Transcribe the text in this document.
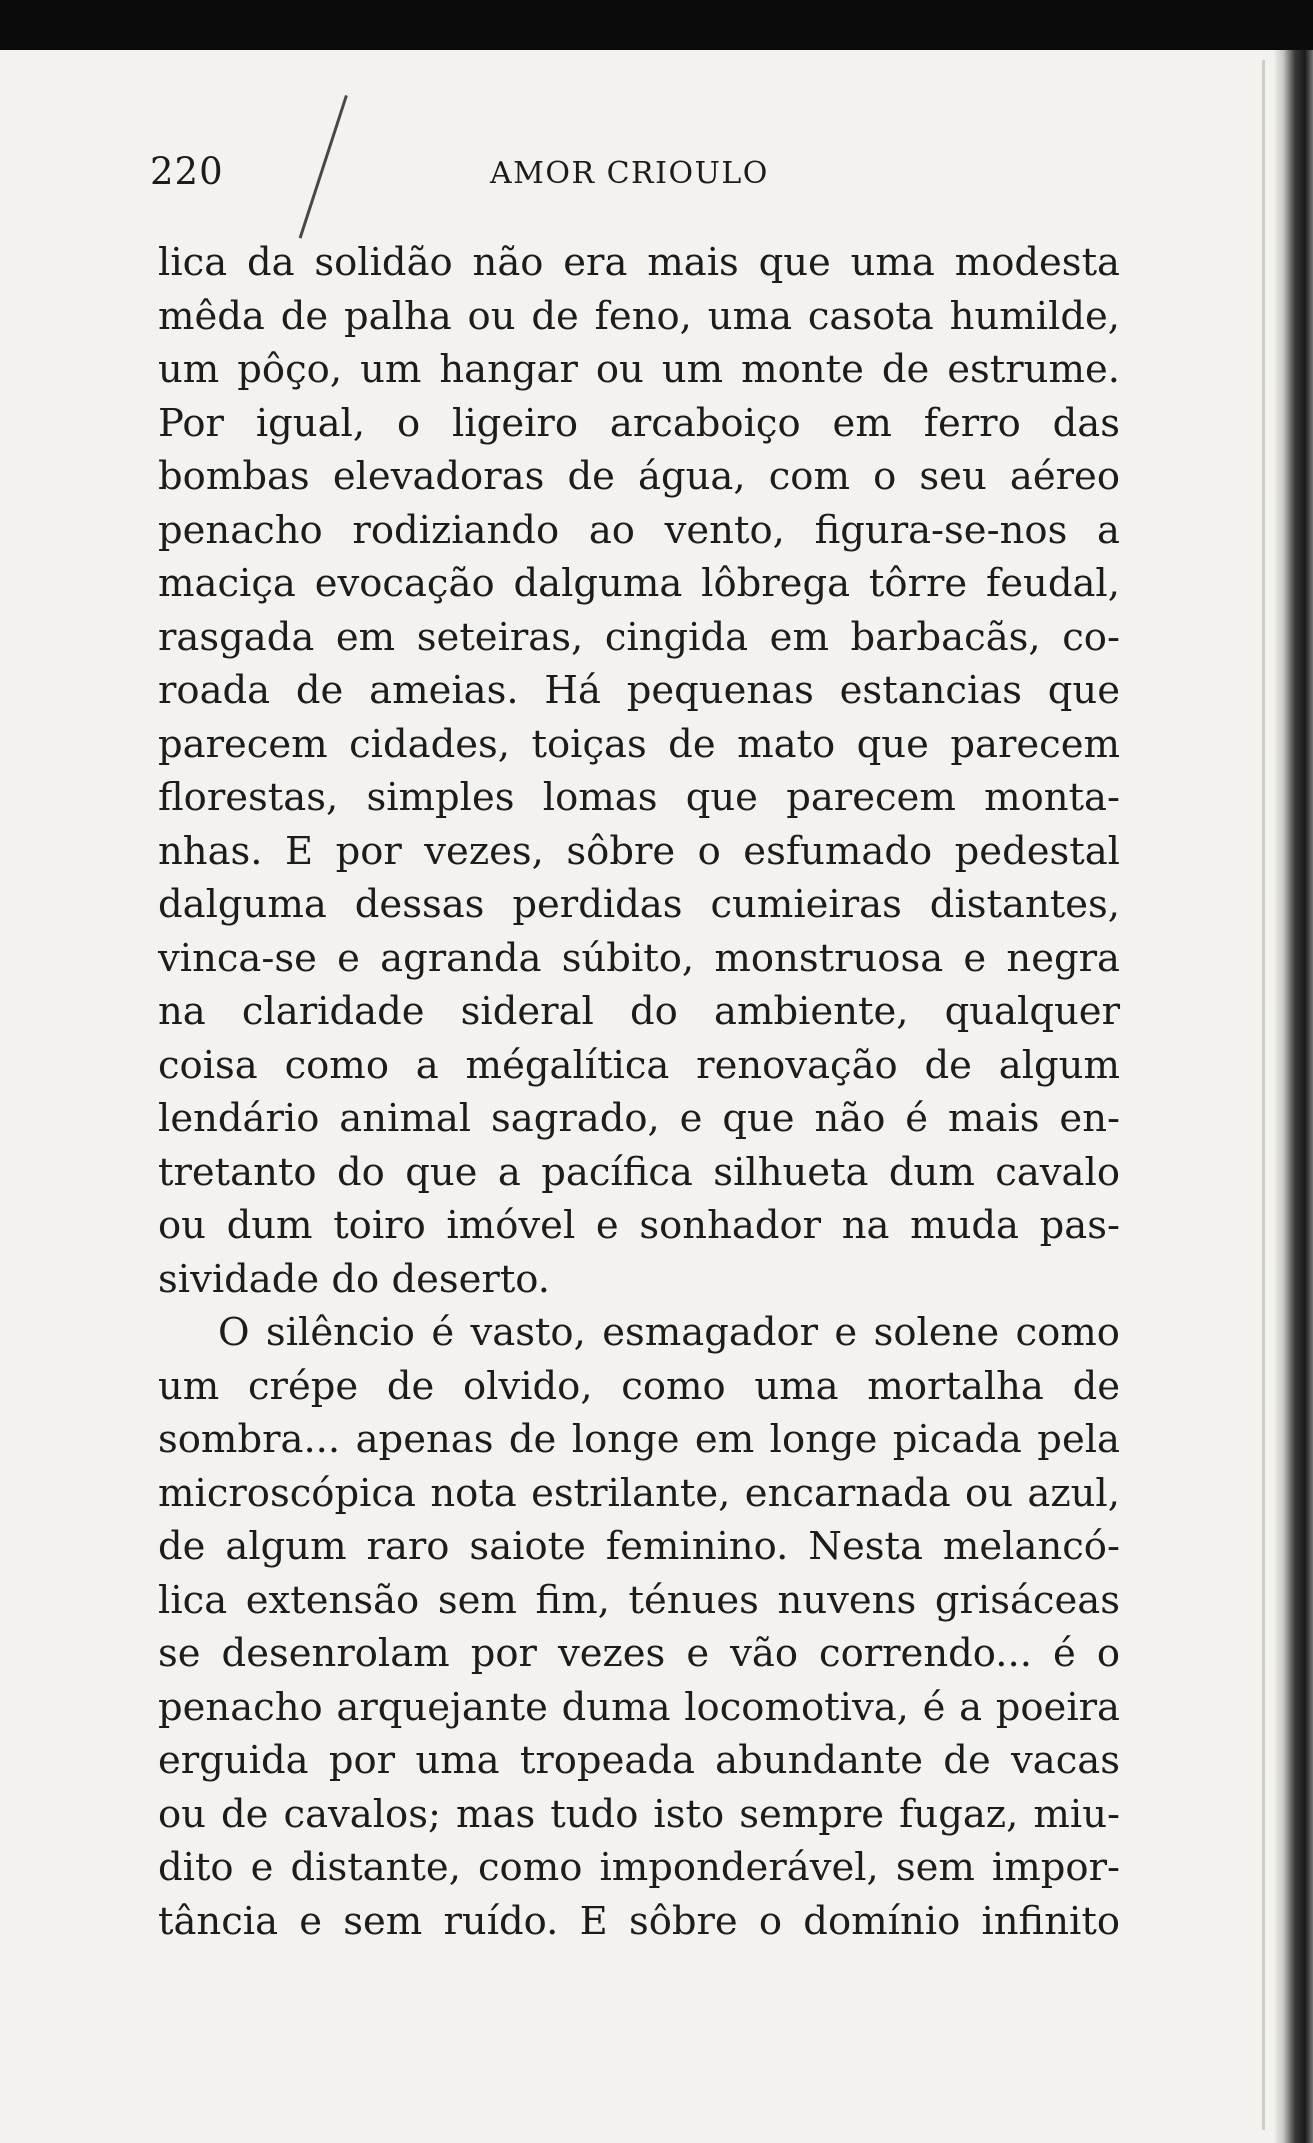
220	AMOR CRIOULO
lica da solidão não era mais que uma modesta
mêda de palha ou de feno, uma casota humilde,
um pôço, um hangar ou um monte de estrume.
Por igual, o ligeiro arcaboiço em ferro das
bombas elevadoras de água, com o seu aéreo
penacho rodiziando ao vento, figura-se-nos a
maciça evocação dalguma lôbrega tôrre feudal,
rasgada em seteiras, cingida em barbacãs, co-
roada de ameias. Há pequenas estancias que
parecem cidades, toiças de mato que parecem
florestas, simples lomas que parecem monta-
nhas. E por vezes, sôbre o esfumado pedestal
dalguma dessas perdidas cumieiras distantes,
vinca-se e agranda súbito, monstruosa e negra
na claridade sideral do ambiente, qualquer
coisa como a mégalítica renovação de algum
lendário animal sagrado, e que não é mais en-
tretanto do que a pacífica silhueta dum cavalo
ou dum toiro imóvel e sonhador na muda pas-
sividade do deserto.
O silêncio é vasto, esmagador e solene como
um crépe de olvido, como uma mortalha de
sombra... apenas de longe em longe picada pela
microscópica nota estrilante, encarnada ou azul,
de algum raro saiote feminino. Nesta melancó-
lica extensão sem fim, ténues nuvens grisáceas
se desenrolam por vezes e vão correndo... é o
penacho arquejante duma locomotiva, é a poeira
erguida por uma tropeada abundante de vacas
ou de cavalos; mas tudo isto sempre fugaz, miu-
dito e distante, como imponderável, sem impor-
tância e sem ruído. E sôbre o domínio infinito
